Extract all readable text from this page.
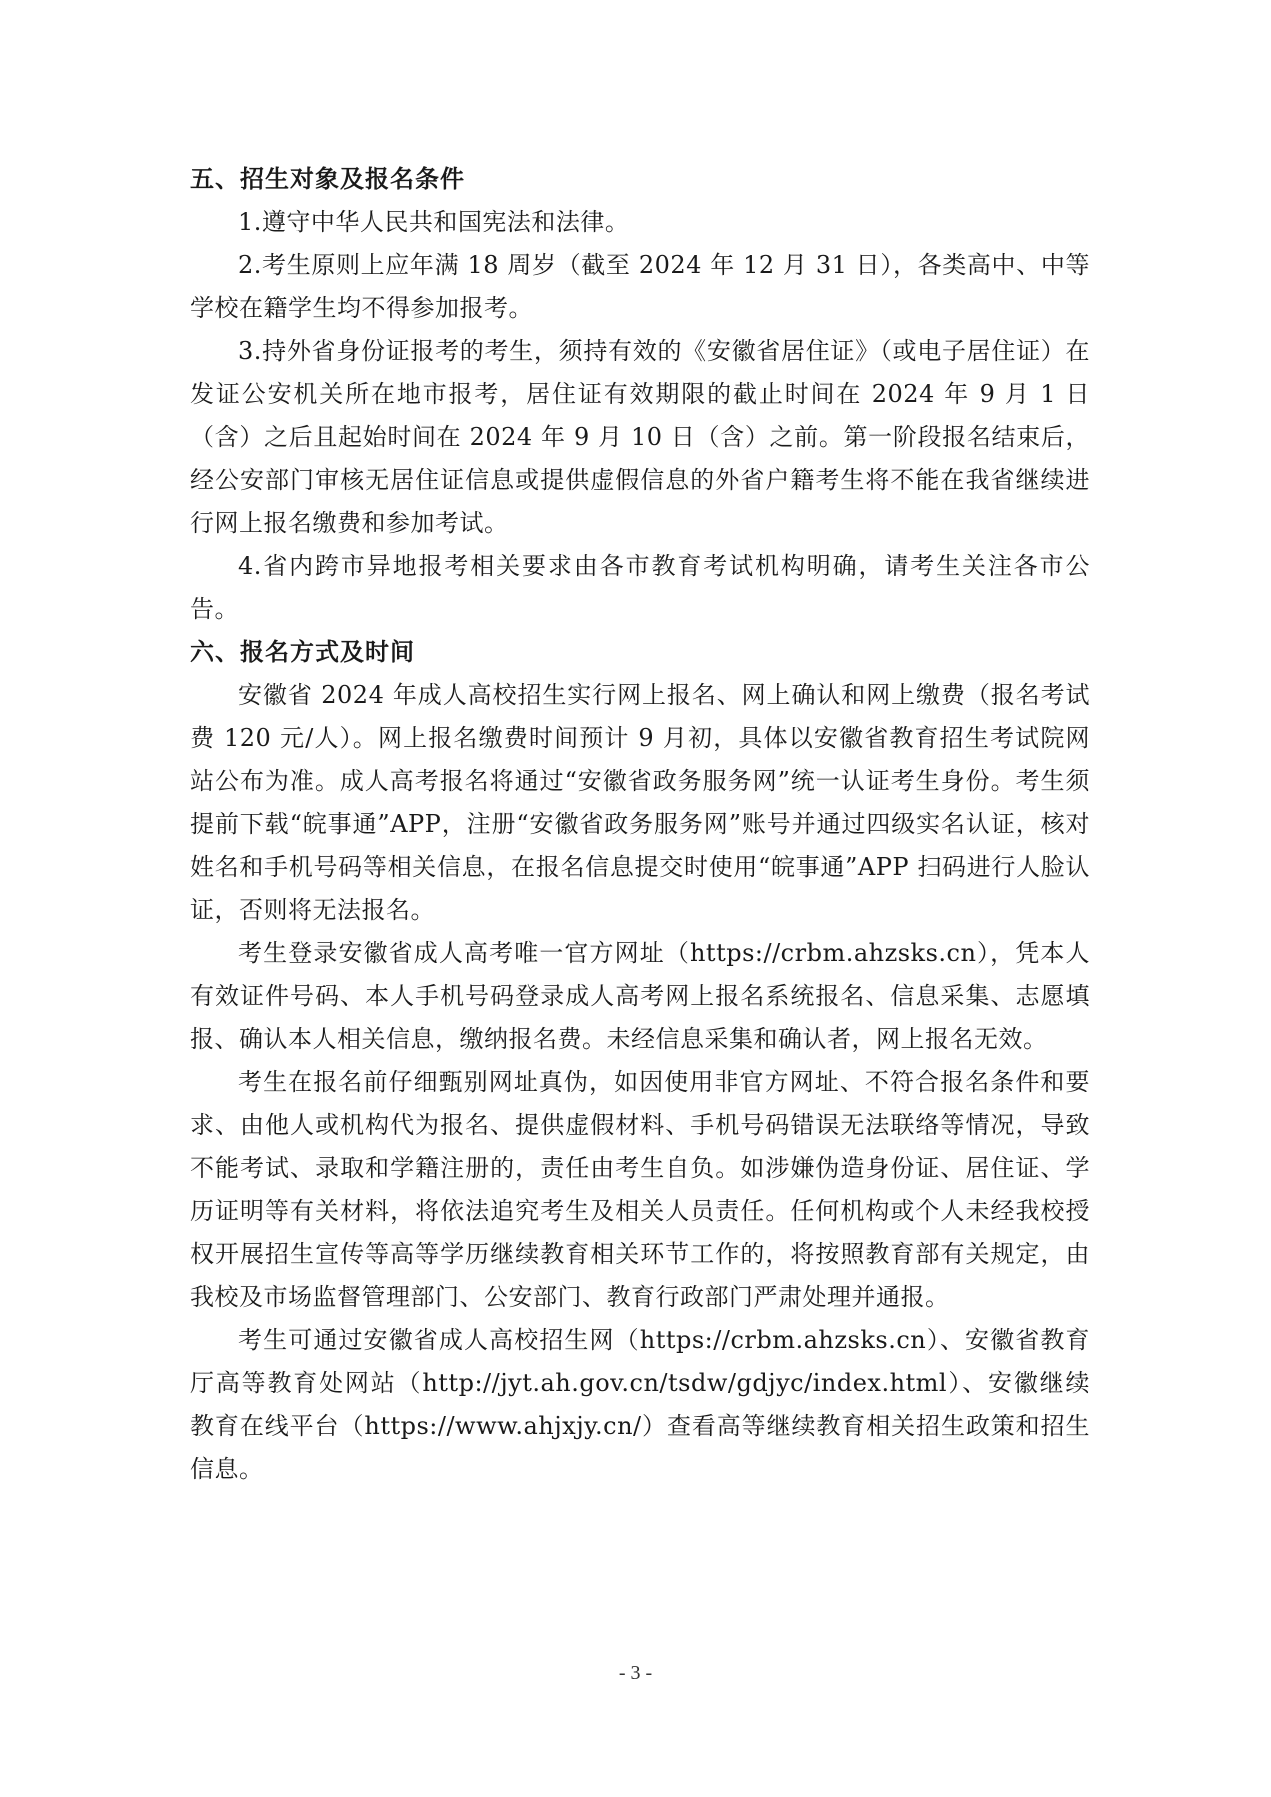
五、招生对象及报名条件

1.遵守中华人民共和国宪法和法律。

2.考生原则上应年满 18 周岁（截至 2024 年 12 月 31 日），各类高中、中等学校在籍学生均不得参加报考。

3.持外省身份证报考的考生，须持有效的《安徽省居住证》（或电子居住证）在发证公安机关所在地市报考，居住证有效期限的截止时间在 2024 年 9 月 1 日（含）之后且起始时间在 2024 年 9 月 10 日（含）之前。第一阶段报名结束后，经公安部门审核无居住证信息或提供虚假信息的外省户籍考生将不能在我省继续进行网上报名缴费和参加考试。

4.省内跨市异地报考相关要求由各市教育考试机构明确，请考生关注各市公告。

六、报名方式及时间

安徽省 2024 年成人高校招生实行网上报名、网上确认和网上缴费（报名考试费 120 元/人）。网上报名缴费时间预计 9 月初，具体以安徽省教育招生考试院网站公布为准。成人高考报名将通过“安徽省政务服务网”统一认证考生身份。考生须提前下载“皖事通”APP，注册“安徽省政务服务网”账号并通过四级实名认证，核对姓名和手机号码等相关信息，在报名信息提交时使用“皖事通”APP 扫码进行人脸认证，否则将无法报名。

考生登录安徽省成人高考唯一官方网址（https://crbm.ahzsks.cn），凭本人有效证件号码、本人手机号码登录成人高考网上报名系统报名、信息采集、志愿填报、确认本人相关信息，缴纳报名费。未经信息采集和确认者，网上报名无效。

考生在报名前仔细甄别网址真伪，如因使用非官方网址、不符合报名条件和要求、由他人或机构代为报名、提供虚假材料、手机号码错误无法联络等情况，导致不能考试、录取和学籍注册的，责任由考生自负。如涉嫌伪造身份证、居住证、学历证明等有关材料，将依法追究考生及相关人员责任。任何机构或个人未经我校授权开展招生宣传等高等学历继续教育相关环节工作的，将按照教育部有关规定，由我校及市场监督管理部门、公安部门、教育行政部门严肃处理并通报。

考生可通过安徽省成人高校招生网（https://crbm.ahzsks.cn）、安徽省教育厅高等教育处网站（http://jyt.ah.gov.cn/tsdw/gdjyc/index.html）、安徽继续教育在线平台（https://www.ahjxjy.cn/）查看高等继续教育相关招生政策和招生信息。

- 3 -
